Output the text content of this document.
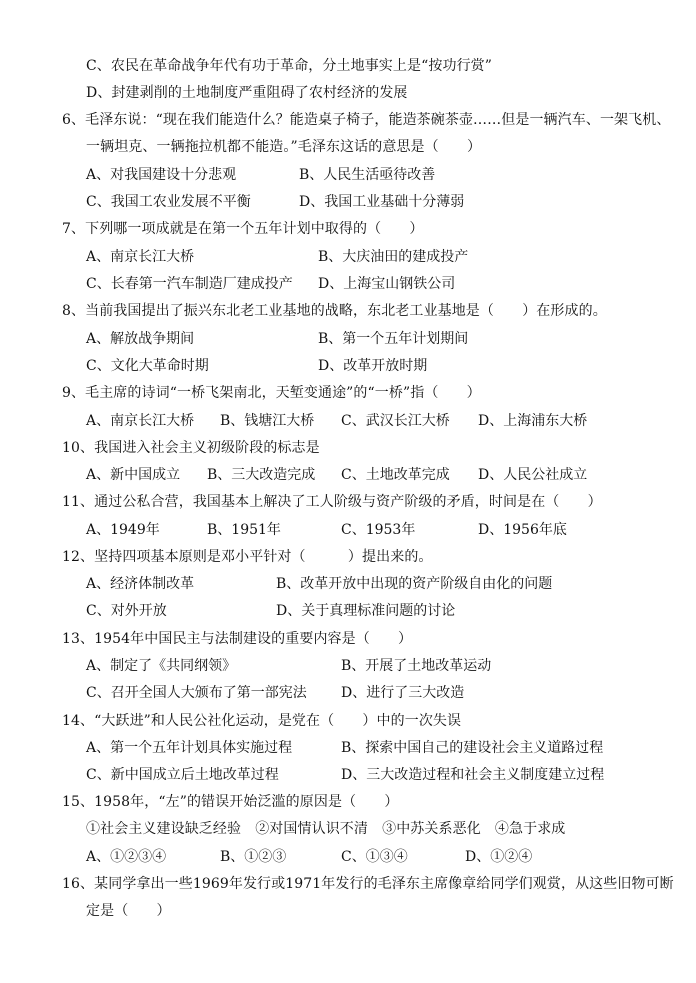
C、农民在革命战争年代有功于革命，分土地事实上是“按功行赏”
D、封建剥削的土地制度严重阻碍了农村经济的发展
6、毛泽东说：“现在我们能造什么？能造桌子椅子，能造茶碗茶壶……但是一辆汽车、一架飞机、
一辆坦克、一辆拖拉机都不能造。”毛泽东这话的意思是（　　）
A、对我国建设十分悲观	B、人民生活亟待改善
C、我国工农业发展不平衡	D、我国工业基础十分薄弱
7、下列哪一项成就是在第一个五年计划中取得的（　　）
A、南京长江大桥	B、大庆油田的建成投产
C、长春第一汽车制造厂建成投产 D、上海宝山钢铁公司
8、当前我国提出了振兴东北老工业基地的战略，东北老工业基地是（　　）在形成的。
A、解放战争期间	B、第一个五年计划期间
C、文化大革命时期	D、改革开放时期
9、毛主席的诗词“一桥飞架南北，天堑变通途”的“一桥”指（　　）
A、南京长江大桥 B、钱塘江大桥 C、武汉长江大桥 D、上海浦东大桥
10、我国进入社会主义初级阶段的标志是
A、新中国成立 B、三大改造完成 C、土地改革完成 D、人民公社成立
11、通过公私合营，我国基本上解决了工人阶级与资产阶级的矛盾，时间是在（　　）
A、1949年	B、1951年	C、1953年	D、1956年底
12、坚持四项基本原则是邓小平针对（　　　）提出来的。
A、经济体制改革	B、改革开放中出现的资产阶级自由化的问题
C、对外开放	D、关于真理标准问题的讨论
13、1954年中国民主与法制建设的重要内容是（　　）
A、制定了《共同纲领》	B、开展了土地改革运动
C、召开全国人大颁布了第一部宪法 D、进行了三大改造
14、“大跃进”和人民公社化运动，是党在（　　）中的一次失误
A、第一个五年计划具体实施过程	B、探索中国自己的建设社会主义道路过程
C、新中国成立后土地改革过程	D、三大改造过程和社会主义制度建立过程
15、1958年，“左”的错误开始泛滥的原因是（　　）
①社会主义建设缺乏经验　②对国情认识不清　③中苏关系恶化　④急于求成
A、①②③④	B、①②③	C、①③④	D、①②④
16、某同学拿出一些1969年发行或1971年发行的毛泽东主席像章给同学们观赏，从这些旧物可断
定是（　　）
